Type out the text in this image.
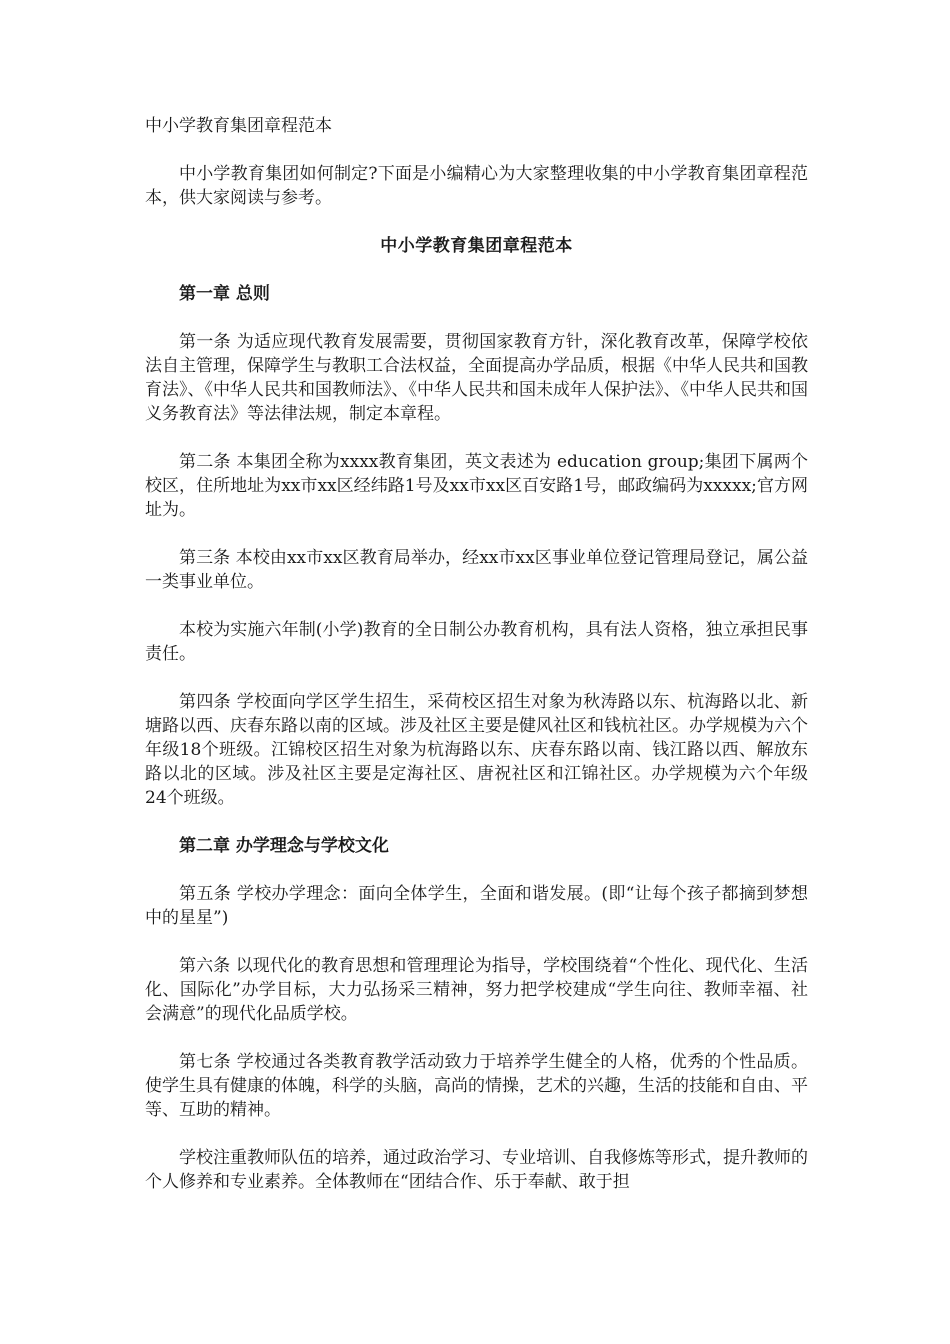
中小学教育集团章程范本

中小学教育集团如何制定?下面是小编精心为大家整理收集的中小学教育集团章程范本，供大家阅读与参考。

中小学教育集团章程范本

第一章 总则

第一条 为适应现代教育发展需要，贯彻国家教育方针，深化教育改革，保障学校依法自主管理，保障学生与教职工合法权益，全面提高办学品质，根据《中华人民共和国教育法》、《中华人民共和国教师法》、《中华人民共和国未成年人保护法》、《中华人民共和国义务教育法》等法律法规，制定本章程。

第二条 本集团全称为xxxx教育集团，英文表述为 education group;集团下属两个校区，住所地址为xx市xx区经纬路1号及xx市xx区百安路1号，邮政编码为xxxxx;官方网址为。

第三条 本校由xx市xx区教育局举办，经xx市xx区事业单位登记管理局登记，属公益一类事业单位。

本校为实施六年制(小学)教育的全日制公办教育机构，具有法人资格，独立承担民事责任。

第四条 学校面向学区学生招生，采荷校区招生对象为秋涛路以东、杭海路以北、新塘路以西、庆春东路以南的区域。涉及社区主要是健风社区和钱杭社区。办学规模为六个年级18个班级。江锦校区招生对象为杭海路以东、庆春东路以南、钱江路以西、解放东路以北的区域。涉及社区主要是定海社区、唐祝社区和江锦社区。办学规模为六个年级24个班级。

第二章 办学理念与学校文化

第五条 学校办学理念：面向全体学生，全面和谐发展。(即“让每个孩子都摘到梦想中的星星”)

第六条 以现代化的教育思想和管理理论为指导，学校围绕着“个性化、现代化、生活化、国际化”办学目标，大力弘扬采三精神，努力把学校建成“学生向往、教师幸福、社会满意”的现代化品质学校。

第七条 学校通过各类教育教学活动致力于培养学生健全的人格，优秀的个性品质。使学生具有健康的体魄，科学的头脑，高尚的情操，艺术的兴趣，生活的技能和自由、平等、互助的精神。

学校注重教师队伍的培养，通过政治学习、专业培训、自我修炼等形式，提升教师的个人修养和专业素养。全体教师在“团结合作、乐于奉献、敢于担
